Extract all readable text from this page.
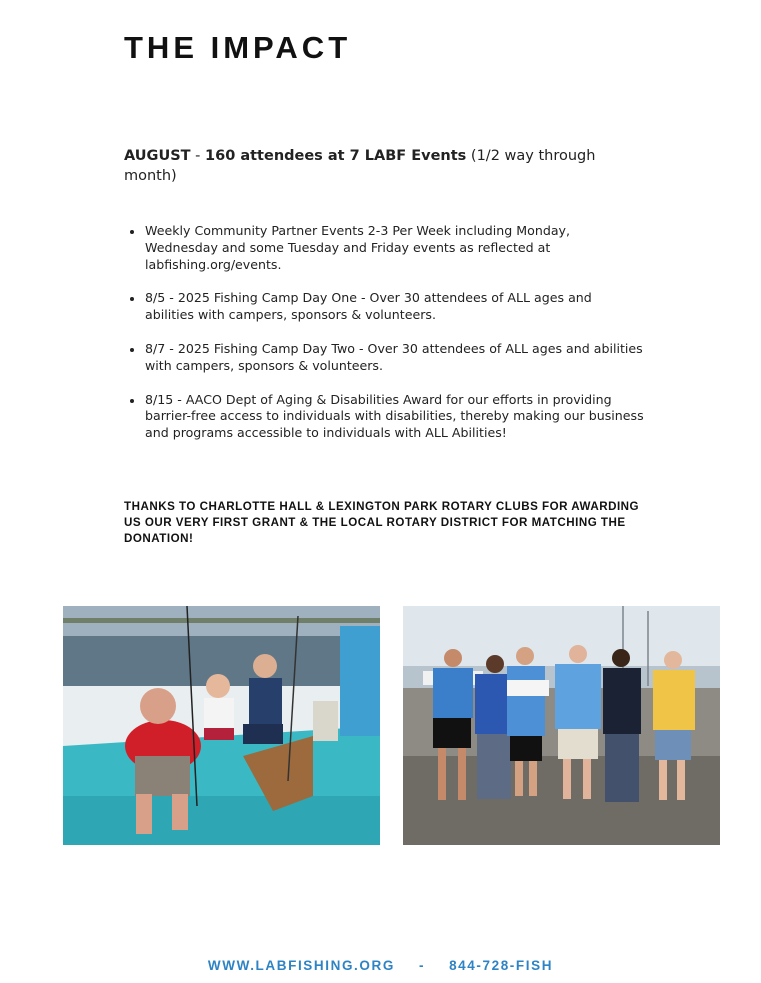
THE IMPACT
AUGUST - 160 attendees at 7 LABF Events (1/2 way through month)
Weekly Community Partner Events 2-3 Per Week including Monday, Wednesday and some Tuesday and Friday events as reflected at labfishing.org/events.
8/5 - 2025 Fishing Camp Day One - Over 30 attendees of ALL ages and abilities with campers, sponsors & volunteers.
8/7 - 2025 Fishing Camp Day Two - Over 30 attendees of ALL ages and abilities with campers, sponsors & volunteers.
8/15 - AACO Dept of Aging & Disabilities Award for our efforts in providing barrier-free access to individuals with disabilities, thereby making our business and programs accessible to individuals with ALL Abilities!
THANKS TO CHARLOTTE HALL & LEXINGTON PARK ROTARY CLUBS FOR AWARDING US OUR VERY FIRST GRANT & THE LOCAL ROTARY DISTRICT FOR MATCHING THE DONATION!
WWW.LABFISHING.ORG - 844-728-FISH
